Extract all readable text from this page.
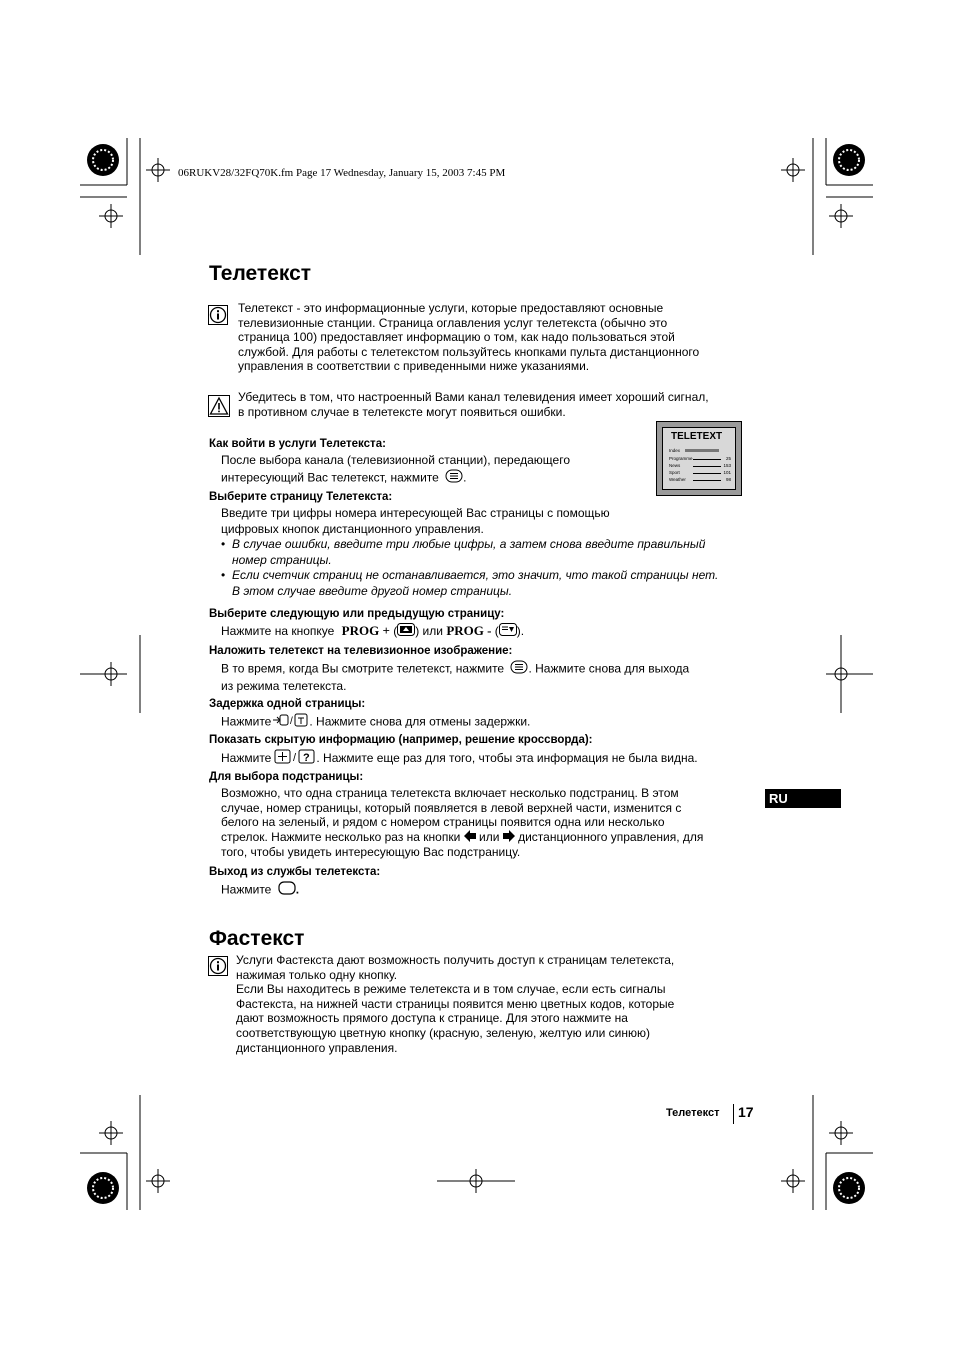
06RUKV28/32FQ70K.fm Page 17 Wednesday, January 15, 2003 7:45 PM
Телетекст
Телетекст - это информационные услуги, которые предоставляют основные
телевизионные станции. Страница оглавления услуг телетекста (обычно это
страница 100) предоставляет информацию о том, как надо пользоваться этой
службой. Для работы с телетекстом пользуйтесь кнопками пульта дистанционного
управления в соответствии с приведенными ниже указаниями.
Убедитесь в том, что настроенный Вами канал телевидения имеет хороший сигнал,
в противном случае в телетексте могут появиться ошибки.
TELETEXT
Index
Programme	25
News	153
Sport	101
Weather	98
Как войти в услуги Телетекста:
После выбора канала (телевизионной станции), передающего
интересующий Вас телетекст, нажмите .
Выберите страницу Телетекста:
Введите три цифры номера интересующей Вас страницы с помощью
цифровых кнопок дистанционного управления.
• В случае ошибки, введите три любые цифры, а затем снова введите правильный
номер страницы.
• Если счетчик страниц не останавливается, это значит, что такой страницы нет.
В этом случае введите другой номер страницы.
Выберите следующую или предыдущую страницу:
Нажмите на кнопкуе PROG + ( ) или PROG - ( ).
Наложить телетекст на телевизионное изображение:
В то время, когда Вы смотрите телетекст, нажмите . Нажмите снова для выхода
из режима телетекста.
Задержка одной страницы:
Нажмите / . Нажмите снова для отмены задержки.
Показать скрытую информацию (например, решение кроссворда):
Нажмите / ? . Нажмите еще раз для того, чтобы эта информация не была видна.
Для выбора подстраницы:
Возможно, что одна страница телетекста включает несколько подстраниц. В этом
случае, номер страницы, который появляется в левой верхней части, изменится с
белого на зеленый, и рядом с номером страницы появится одна или несколько
стрелок. Нажмите несколько раз на кнопки или дистанционного управления, для
того, чтобы увидеть интересующую Вас подстраницу.
Выход из службы телетекста:
Нажмите .
Фастекст
Услуги Фастекста дают возможность получить доступ к страницам телетекста,
нажимая только одну кнопку.
Если Вы находитесь в режиме телетекста и в том случае, если есть сигналы
Фастекста, на нижней части страницы появится меню цветных кодов, которые
дают возможность прямого доступа к странице. Для этого нажмите на
соответствующую цветную кнопку (красную, зеленую, желтую или синюю)
дистанционного управления.
RU
Телетекст 17
